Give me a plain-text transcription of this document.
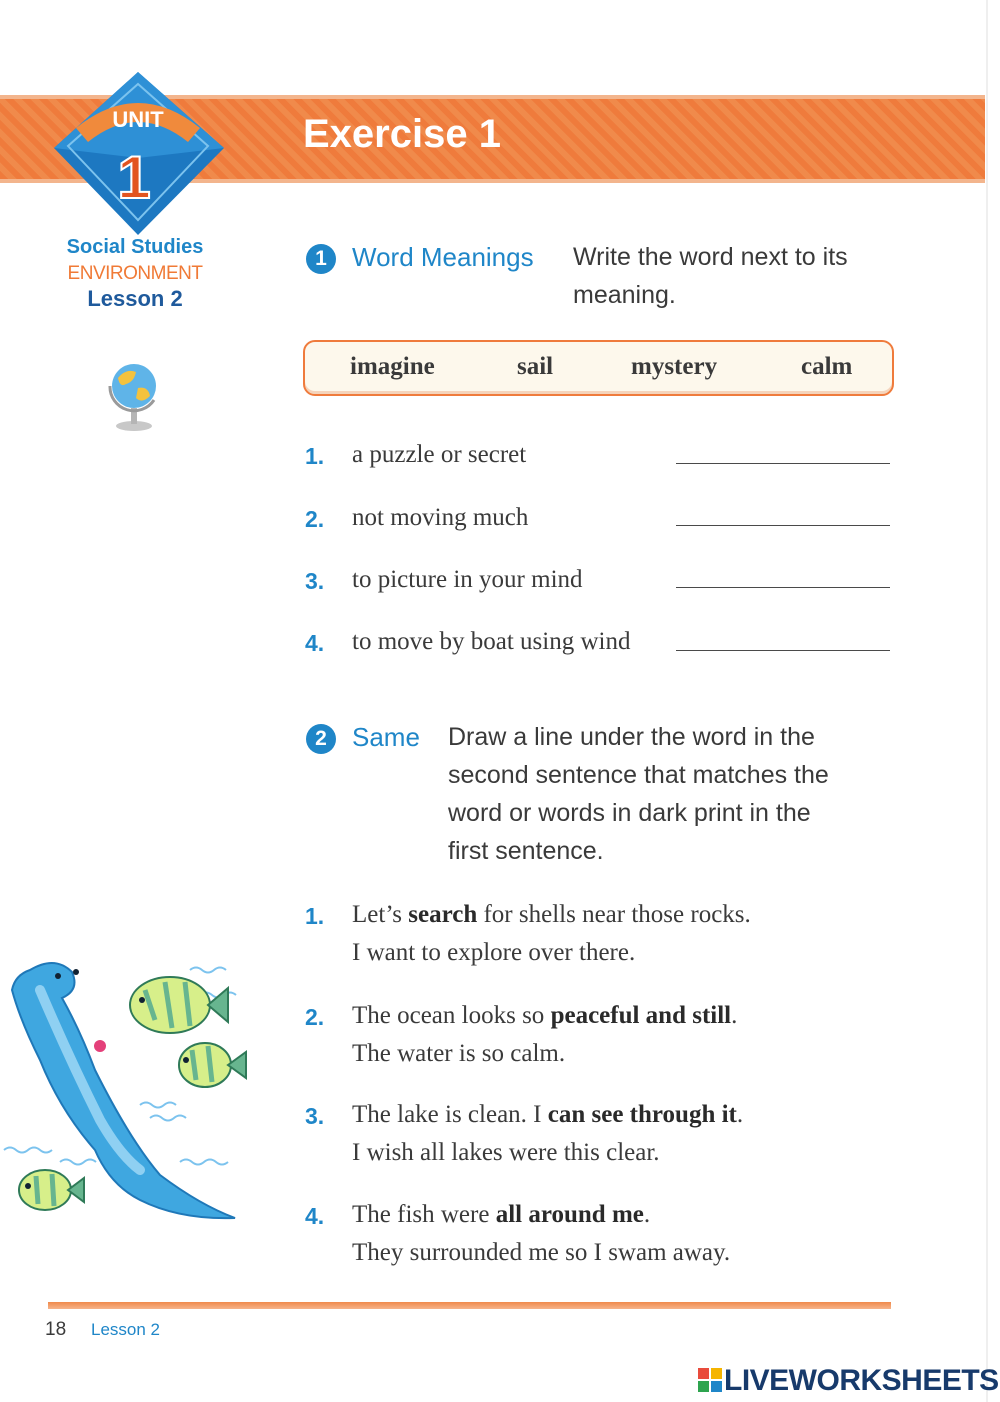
Exercise 1
UNIT
1
Social Studies
ENVIRONMENT
Lesson 2
1 Word Meanings Write the word next to its
meaning.
imagine	sail	mystery	calm
1. a puzzle or secret
2. not moving much
3. to picture in your mind
4. to move by boat using wind
2 Same Draw a line under the word in the
second sentence that matches the
word or words in dark print in the
first sentence.
1. Let’s search for shells near those rocks.
I want to explore over there.
2. The ocean looks so peaceful and still.
The water is so calm.
3. The lake is clean. I can see through it.
I wish all lakes were this clear.
4. The fish were all around me.
They surrounded me so I swam away.
18 Lesson 2
LIVEWORKSHEETS
